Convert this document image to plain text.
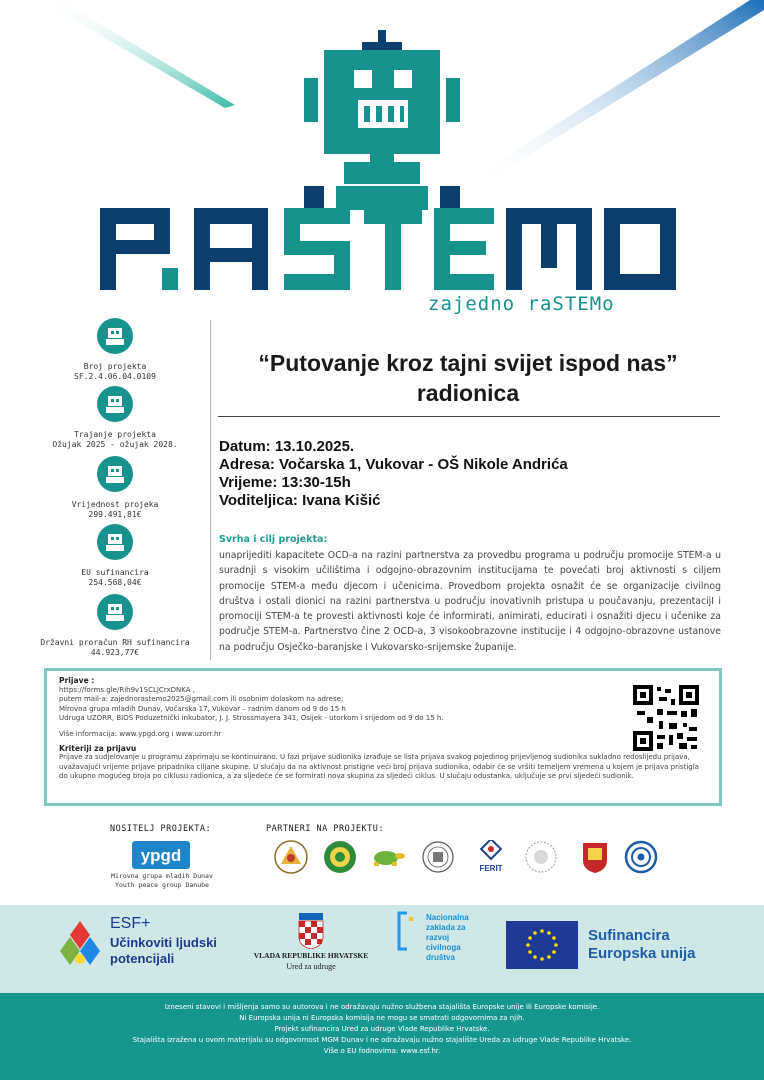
zajedno raSTEMo
Broj projekta
SF.2.4.06.04.0109
Trajanje projekta
Ožujak 2025 - ožujak 2028.
Vrijednost projeka
299.491,81€
EU sufinancira
254.568,04€
Državni proračun RH sufinancira
44.923,77€
“Putovanje kroz tajni svijet ispod nas”
radionica
Datum: 13.10.2025.
Adresa: Vočarska 1, Vukovar - OŠ Nikole Andrića
Vrijeme: 13:30-15h
Voditeljica: Ivana Kišić
Svrha i cilj projekta:
unaprijediti kapacitete OCD-a na razini partnerstva za provedbu programa u području promocije STEM-a u suradnji s visokim učilištima i odgojno-obrazovnim institucijama te povećati broj aktivnosti s ciljem promocije STEM-a među djecom i učenicima. Provedbom projekta osnažit će se organizacije civilnog društva i ostali dionici na razini partnerstva u području inovativnih pristupa u poučavanju, prezentacijI i promociji STEM-a te provesti aktivnosti koje će informirati, animirati, educirati i osnažiti djecu i učenike za područje STEM-a. Partnerstvo čine 2 OCD-a, 3 visokoobrazovne institucije i 4 odgojno-obrazovne ustanove na području Osječko-baranjske i Vukovarsko-srijemske županije.
Prijave :
https://forms.gle/Rih9v1SCLJCrxDNKA ,
putem mail-a: zajednorastemo2025@gmail.com ili osobnim dolaskom na adrese:
Mirovna grupa mladih Dunav, Vočarska 17, Vukovar – radnim danom od 9 do 15 h
Udruga UZORR, BIOS Poduzetnički inkubator, J. J. Strossmayera 341, Osijek - utorkom i srijedom od 9 do 15 h.
Više informacija: www.ypgd.org i www.uzorr.hr
Kriteriji za prijavu
Prijave za sudjelovanje u programu zaprimaju se kontinuirano. U fazi prijave sudionika izrađuje se lista prijava svakog pojedinog prijevljenog sudionika sukladno redoslijedu prijava, uvažavajući vrijeme prijave pripadnika ciljane skupine. U slučaju da na aktivnost pristigne veći broj prijava sudionika, odabir će se vršiti temeljem vremena u kojem je prijava pristigla do ukupno mogućeg broja po ciklusu radionica, a za sljedeće će se formirati nova skupina za sljedeći ciklus. U slučaju odustanka, uključuje se prvi sljedeći sudionik.
NOSITELJ PROJEKTA:	PARTNERI NA PROJEKTU:
ypgd
Mirovna grupa mladih Dunav
Youth peace group Danube
FERIT
ESF+
Učinkoviti ljudski
potencijali	VLADA REPUBLIKE HRVATSKE
Ured za udruge
Nacionalna
zaklada za
razvoj
civilnoga
društva
Sufinancira
Europska unija
Izneseni stavovi i mišljenja samo su autorova i ne odražavaju nužno službena stajališta Europske unije ili Europske komisije.
Ni Europska unija ni Europska komisija ne mogu se smatrati odgovornima za njih.
Projekt sufinancira Ured za udruge Vlade Republike Hrvatske.
Stajališta izražena u ovom materijalu su odgovornost MGM Dunav i ne odražavaju nužno stajalište Ureda za udruge Vlade Republike Hrvatske.
Više o EU fodnovima: www.esf.hr.
